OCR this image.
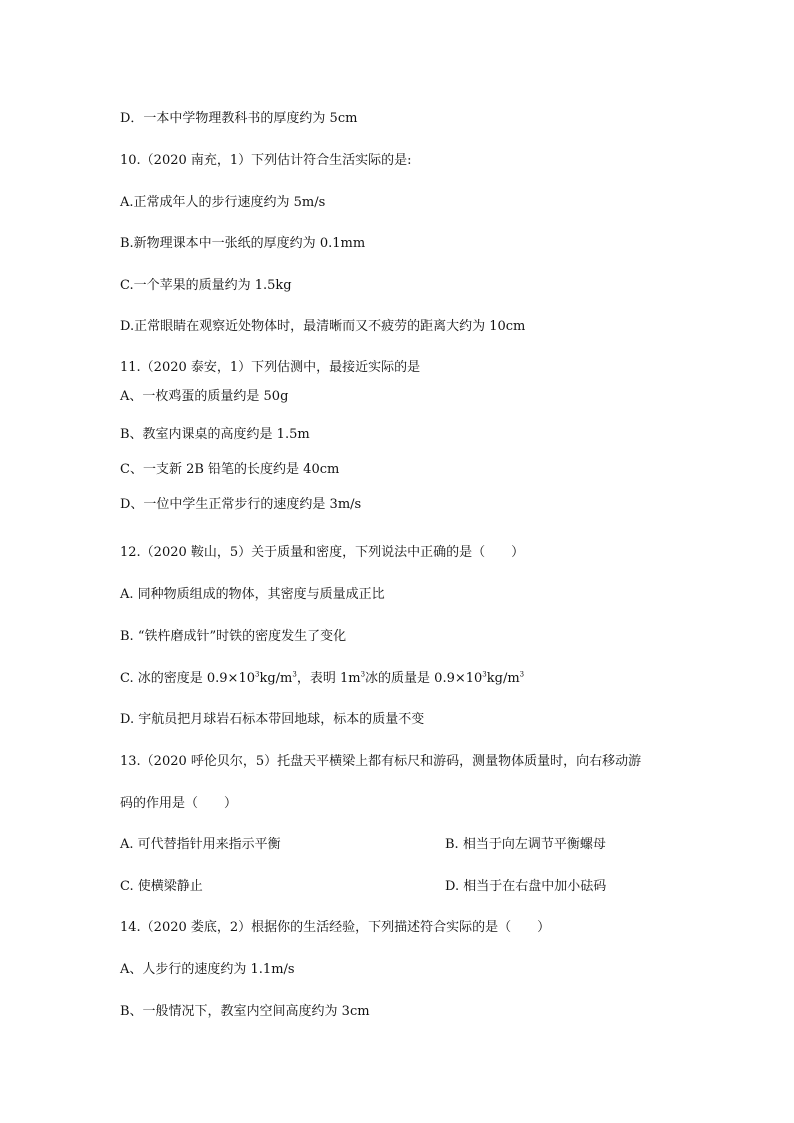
D．一本中学物理教科书的厚度约为 5cm
10.（2020 南充，1）下列估计符合生活实际的是:
A.正常成年人的步行速度约为 5m/s
B.新物理课本中一张纸的厚度约为 0.1mm
C.一个苹果的质量约为 1.5kg
D.正常眼睛在观察近处物体时，最清晰而又不疲劳的距离大约为 10cm
11.（2020 泰安，1）下列估测中，最接近实际的是
A、一枚鸡蛋的质量约是 50g
B、教室内课桌的高度约是 1.5m
C、一支新 2B 铅笔的长度约是 40cm
D、一位中学生正常步行的速度约是 3m/s
12.（2020 鞍山，5）关于质量和密度，下列说法中正确的是（　　）
A. 同种物质组成的物体，其密度与质量成正比
B. “铁杵磨成针”时铁的密度发生了变化
C. 冰的密度是 $0.9\times 10^3kg/m^3$，表明 $1m^3$冰的质量是 $0.9\times 10^3kg/m^3$
D. 宇航员把月球岩石标本带回地球，标本的质量不变
13.（2020 呼伦贝尔，5）托盘天平横梁上都有标尺和游码，测量物体质量时，向右移动游
码的作用是（　　）
A. 可代替指针用来指示平衡	B. 相当于向左调节平衡螺母
C. 使横梁静止	D. 相当于在右盘中加小砝码
14.（2020 娄底，2）根据你的生活经验，下列描述符合实际的是（　　）
A、人步行的速度约为 1.1m/s
B、一般情况下，教室内空间高度约为 3cm
